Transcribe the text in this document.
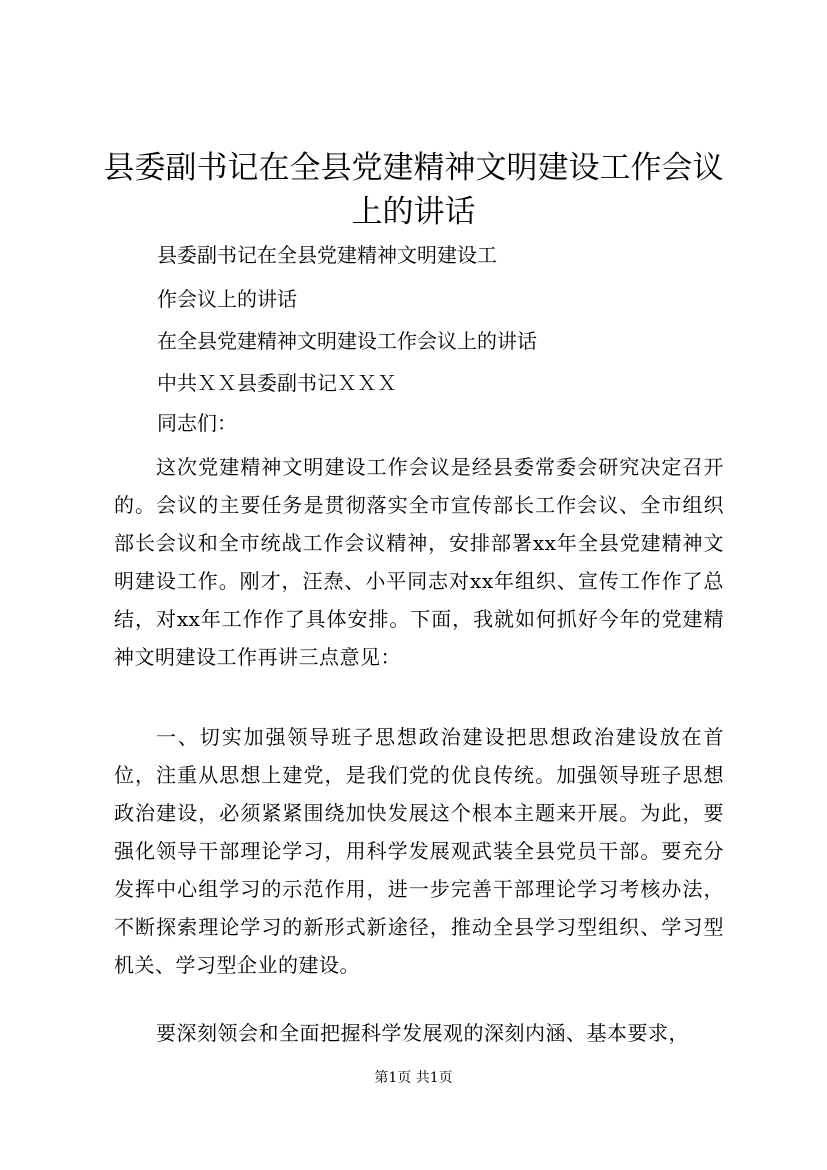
县委副书记在全县党建精神文明建设工作会议
上的讲话

县委副书记在全县党建精神文明建设工

作会议上的讲话

在全县党建精神文明建设工作会议上的讲话

中共ＸＸ县委副书记ＸＸＸ

同志们：

这次党建精神文明建设工作会议是经县委常委会研究决定召开的。会议的主要任务是贯彻落实全市宣传部长工作会议、全市组织部长会议和全市统战工作会议精神，安排部署xx年全县党建精神文明建设工作。刚才，汪焘、小平同志对xx年组织、宣传工作作了总结，对xx年工作作了具体安排。下面，我就如何抓好今年的党建精神文明建设工作再讲三点意见：

一、切实加强领导班子思想政治建设把思想政治建设放在首位，注重从思想上建党，是我们党的优良传统。加强领导班子思想政治建设，必须紧紧围绕加快发展这个根本主题来开展。为此，要强化领导干部理论学习，用科学发展观武装全县党员干部。要充分发挥中心组学习的示范作用，进一步完善干部理论学习考核办法，不断探索理论学习的新形式新途径，推动全县学习型组织、学习型机关、学习型企业的建设。

要深刻领会和全面把握科学发展观的深刻内涵、基本要求，

第1页 共1页
